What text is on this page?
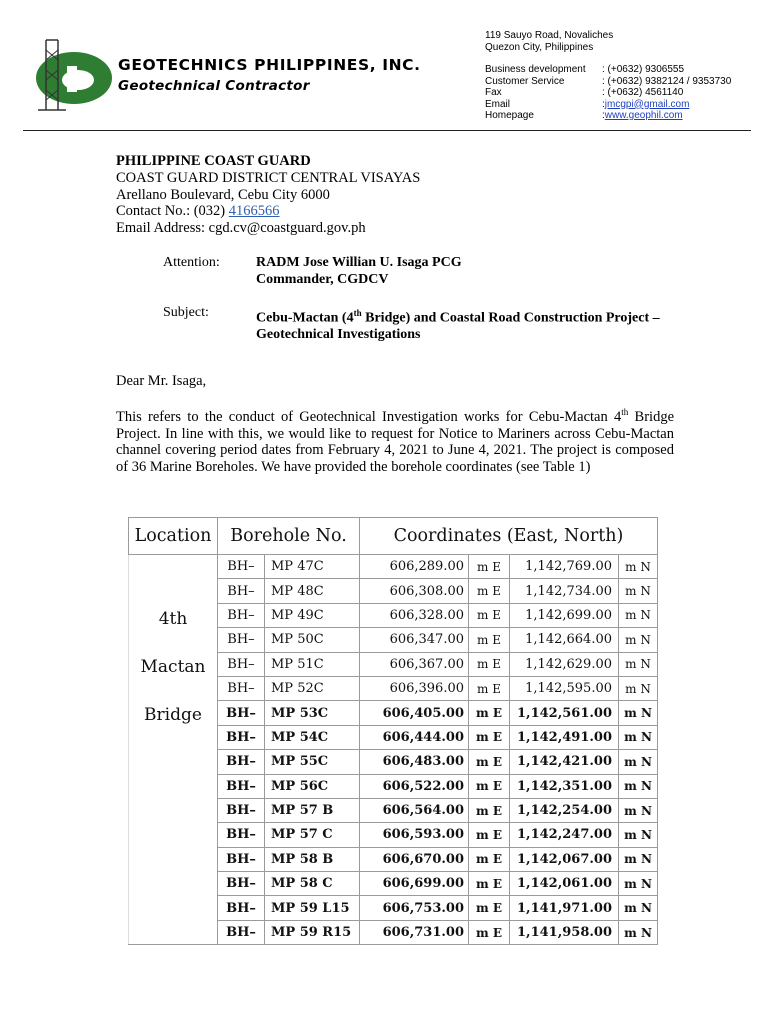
GEOTECHNICS PHILIPPINES, INC.
Geotechnical Contractor
119 Sauyo Road, Novaliches
Quezon City, Philippines
Business development	: (+0632) 9306555
Customer Service	: (+0632) 9382124 / 9353730
Fax	: (+0632) 4561140
Email	: jmcgpi@gmail.com
Homepage	: www.geophil.com
PHILIPPINE COAST GUARD
COAST GUARD DISTRICT CENTRAL VISAYAS
Arellano Boulevard, Cebu City 6000
Contact No.: (032) 4166566
Email Address: cgd.cv@coastguard.gov.ph
Attention:	RADM Jose Willian U. Isaga PCG
Commander, CGDCV
Subject:	Cebu-Mactan (4th Bridge) and Coastal Road Construction Project – Geotechnical Investigations
Dear Mr. Isaga,
This refers to the conduct of Geotechnical Investigation works for Cebu-Mactan 4th Bridge Project. In line with this, we would like to request for Notice to Mariners across Cebu-Mactan channel covering period dates from February 4, 2021 to June 4, 2021. The project is composed of 36 Marine Boreholes. We have provided the borehole coordinates (see Table 1)
Location	Borehole No.		Coordinates (East, North)			

4th
Mactan
Bridge	BH–	MP 47C	606,289.00	m E	1,142,769.00	m N
	BH–	MP 48C	606,308.00	m E	1,142,734.00	m N
	BH–	MP 49C	606,328.00	m E	1,142,699.00	m N
	BH–	MP 50C	606,347.00	m E	1,142,664.00	m N
	BH–	MP 51C	606,367.00	m E	1,142,629.00	m N
	BH–	MP 52C	606,396.00	m E	1,142,595.00	m N
	BH–	MP 53C	606,405.00	m E	1,142,561.00	m N
	BH–	MP 54C	606,444.00	m E	1,142,491.00	m N
	BH–	MP 55C	606,483.00	m E	1,142,421.00	m N
	BH–	MP 56C	606,522.00	m E	1,142,351.00	m N
	BH–	MP 57 B	606,564.00	m E	1,142,254.00	m N
	BH–	MP 57 C	606,593.00	m E	1,142,247.00	m N
	BH–	MP 58 B	606,670.00	m E	1,142,067.00	m N
	BH–	MP 58 C	606,699.00	m E	1,142,061.00	m N
	BH–	MP 59 L15	606,753.00	m E	1,141,971.00	m N
	BH–	MP 59 R15	606,731.00	m E	1,141,958.00	m N
